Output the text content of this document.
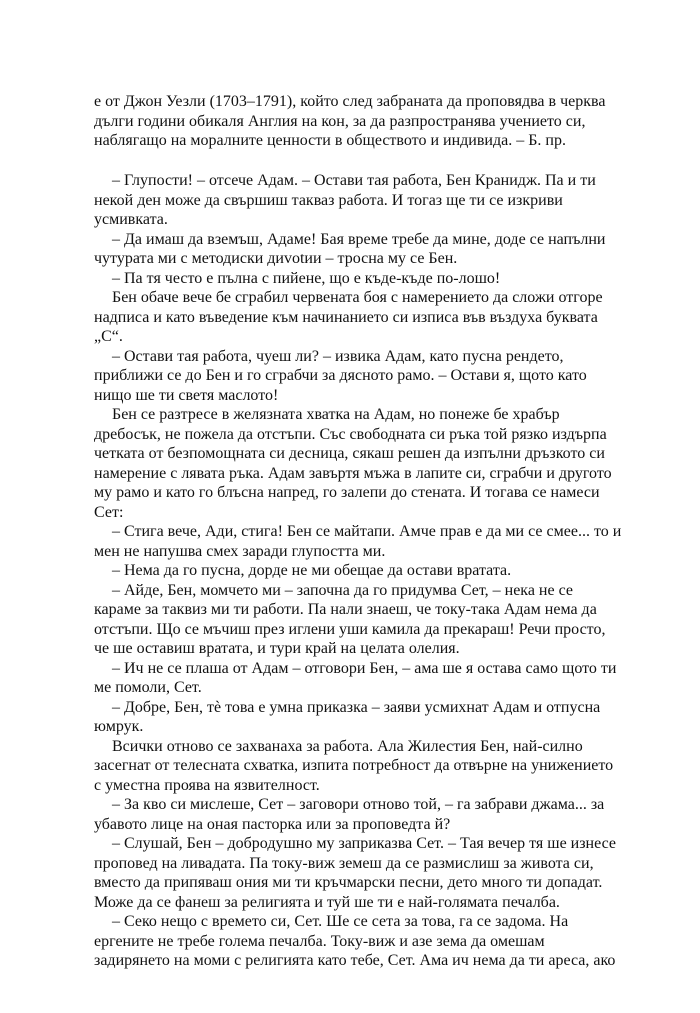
е от Джон Уезли (1703–1791), който след забраната да проповядва в черква
дълги години обикаля Англия на кон, за да разпространява учението си,
наблягащо на моралните ценности в обществото и индивида. – Б. пр.
– Глупости! – отсече Адам. – Остави тая работа, Бен Кранидж. Па и ти
некой ден може да свършиш такваз работа. И тогаз ще ти се изкриви
усмивката.
– Да имаш да вземъш, Адаме! Бая време требе да мине, доде се напълни
чутурата ми с методиски диvotии – тросна му се Бен.
– Па тя често е пълна с пийене, що е къде-къде по-лошо!
Бен обаче вече бе сграбил червената боя с намерението да сложи отгоре
надписа и като въведение към начинанието си изписа във въздуха буквата
„С“.
– Остави тая работа, чуеш ли? – извика Адам, като пусна рендето,
приближи се до Бен и го сграбчи за дясното рамо. – Остави я, щото като
нищо ше ти светя маслото!
Бен се разтресе в желязната хватка на Адам, но понеже бе храбър
дребосък, не пожела да отстъпи. Със свободната си ръка той рязко издърпа
четката от безпомощната си десница, сякаш решен да изпълни дръзкото си
намерение с лявата ръка. Адам завъртя мъжа в лапите си, сграбчи и другото
му рамо и като го блъсна напред, го залепи до стената. И тогава се намеси
Сет:
– Стига вече, Ади, стига! Бен се майтапи. Амче прав е да ми се смее... то и
мен не напушва смех заради глупостта ми.
– Нема да го пусна, дорде не ми обещае да остави вратата.
– Айде, Бен, момчето ми – започна да го придумва Сет, – нека не се
караме за таквиз ми ти работи. Па нали знаеш, че току-така Адам нема да
отстъпи. Що се мъчиш през иглени уши камила да прекараш! Речи просто,
че ше оставиш вратата, и тури край на целата олелия.
– Ич не се плаша от Адам – отговори Бен, – ама ше я остава само щото ти
ме помоли, Сет.
– Добре, Бен, тè това е умна приказка – заяви усмихнат Адам и отпусна
юмрук.
Всички отново се захванаха за работа. Ала Жилестия Бен, най-силно
засегнат от телесната схватка, изпита потребност да отвърне на унижението
с уместна проява на язвителност.
– За кво си мислеше, Сет – заговори отново той, – га забрави джама... за
убавото лице на оная пасторка или за проповедта й?
– Слушай, Бен – добродушно му заприказва Сет. – Тая вечер тя ше изнесе
проповед на ливадата. Па току-виж земеш да се размислиш за живота си,
вместо да припяваш ония ми ти кръчмарски песни, дето много ти допадат.
Може да се фанеш за религията и туй ше ти е най-голямата печалба.
– Секо нещо с времето си, Сет. Ше се сета за това, га се задома. На
ергените не требе голема печалба. Току-виж и азе зема да омешам
задирянето на моми с религията като тебе, Сет. Ама ич нема да ти ареса, ако
